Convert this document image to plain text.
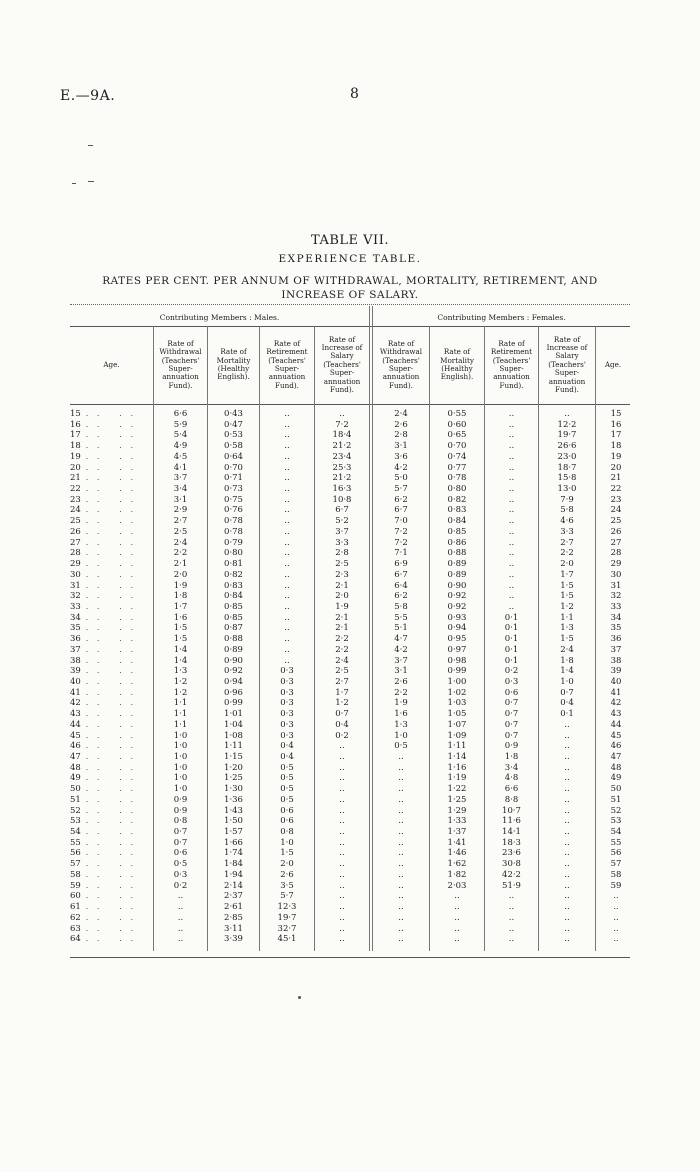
E.—9A.	8
TABLE VII.
EXPERIENCE TABLE.
RATES PER CENT. PER ANNUM OF WITHDRAWAL, MORTALITY, RETIREMENT, AND INCREASE OF SALARY.
Contributing Members : Males.	Contributing Members : Females.
Age.
Rate of Withdrawal (Teachers' Super-annuation Fund).
Rate of Mortality (Healthy English).
Rate of Retirement (Teachers' Super-annuation Fund).
Rate of Increase of Salary (Teachers' Super-annuation Fund).
Rate of Withdrawal (Teachers' Super-annuation Fund).
Rate of Mortality (Healthy English).
Rate of Retirement (Teachers' Super-annuation Fund).
Rate of Increase of Salary (Teachers' Super-annuation Fund).
Age.
15 .. ..	6·6	0·43	..	..	2·4	0·55	..	..	15
16 .. ..	5·9	0·47	..	7·2	2·6	0·60	..	12·2	16
17 .. ..	5·4	0·53	..	18·4	2·8	0·65	..	19·7	17
18 .. ..	4·9	0·58	..	21·2	3·1	0·70	..	26·6	18
19 .. ..	4·5	0·64	..	23·4	3·6	0·74	..	23·0	19
20 .. ..	4·1	0·70	..	25·3	4·2	0·77	..	18·7	20
21 .. ..	3·7	0·71	..	21·2	5·0	0·78	..	15·8	21
22 .. ..	3·4	0·73	..	16·3	5·7	0·80	..	13·0	22
23 .. ..	3·1	0·75	..	10·8	6·2	0·82	..	7·9	23
24 .. ..	2·9	0·76	..	6·7	6·7	0·83	..	5·8	24
25 .. ..	2·7	0·78	..	5·2	7·0	0·84	..	4·6	25
26 .. ..	2·5	0·78	..	3·7	7·2	0·85	..	3·3	26
27 .. ..	2·4	0·79	..	3·3	7·2	0·86	..	2·7	27
28 .. ..	2·2	0·80	..	2·8	7·1	0·88	..	2·2	28
29 .. ..	2·1	0·81	..	2·5	6·9	0·89	..	2·0	29
30 .. ..	2·0	0·82	..	2·3	6·7	0·89	..	1·7	30
31 .. ..	1·9	0·83	..	2·1	6·4	0·90	..	1·5	31
32 .. ..	1·8	0·84	..	2·0	6·2	0·92	..	1·5	32
33 .. ..	1·7	0·85	..	1·9	5·8	0·92	..	1·2	33
34 .. ..	1·6	0·85	..	2·1	5·5	0·93	0·1	1·1	34
35 .. ..	1·5	0·87	..	2·1	5·1	0·94	0·1	1·3	35
36 .. ..	1·5	0·88	..	2·2	4·7	0·95	0·1	1·5	36
37 .. ..	1·4	0·89	..	2·2	4·2	0·97	0·1	2·4	37
38 .. ..	1·4	0·90	..	2·4	3·7	0·98	0·1	1·8	38
39 .. ..	1·3	0·92	0·3	2·5	3·1	0·99	0·2	1·4	39
40 .. ..	1·2	0·94	0·3	2·7	2·6	1·00	0·3	1·0	40
41 .. ..	1·2	0·96	0·3	1·7	2·2	1·02	0·6	0·7	41
42 .. ..	1·1	0·99	0·3	1·2	1·9	1·03	0·7	0·4	42
43 .. ..	1·1	1·01	0·3	0·7	1·6	1·05	0·7	0·1	43
44 .. ..	1·1	1·04	0·3	0·4	1·3	1·07	0·7	..	44
45 .. ..	1·0	1·08	0·3	0·2	1·0	1·09	0·7	..	45
46 .. ..	1·0	1·11	0·4	..	0·5	1·11	0·9	..	46
47 .. ..	1·0	1·15	0·4	..	..	1·14	1·8	..	47
48 .. ..	1·0	1·20	0·5	..	..	1·16	3·4	..	48
49 .. ..	1·0	1·25	0·5	..	..	1·19	4·8	..	49
50 .. ..	1·0	1·30	0·5	..	..	1·22	6·6	..	50
51 .. ..	0·9	1·36	0·5	..	..	1·25	8·8	..	51
52 .. ..	0·9	1·43	0·6	..	..	1·29	10·7	..	52
53 .. ..	0·8	1·50	0·6	..	..	1·33	11·6	..	53
54 .. ..	0·7	1·57	0·8	..	..	1·37	14·1	..	54
55 .. ..	0·7	1·66	1·0	..	..	1·41	18·3	..	55
56 .. ..	0·6	1·74	1·5	..	..	1·46	23·6	..	56
57 .. ..	0·5	1·84	2·0	..	..	1·62	30·8	..	57
58 .. ..	0·3	1·94	2·6	..	..	1·82	42·2	..	58
59 .. ..	0·2	2·14	3·5	..	..	2·03	51·9	..	59
60 .. ..	..	2·37	5·7	..	..	..	..	..	..
61 .. ..	..	2·61	12·3	..	..	..	..	..	..
62 .. ..	..	2·85	19·7	..	..	..	..	..	..
63 .. ..	..	3·11	32·7	..	..	..	..	..	..
64 .. ..	..	3·39	45·1	..	..	..	..	..	..
